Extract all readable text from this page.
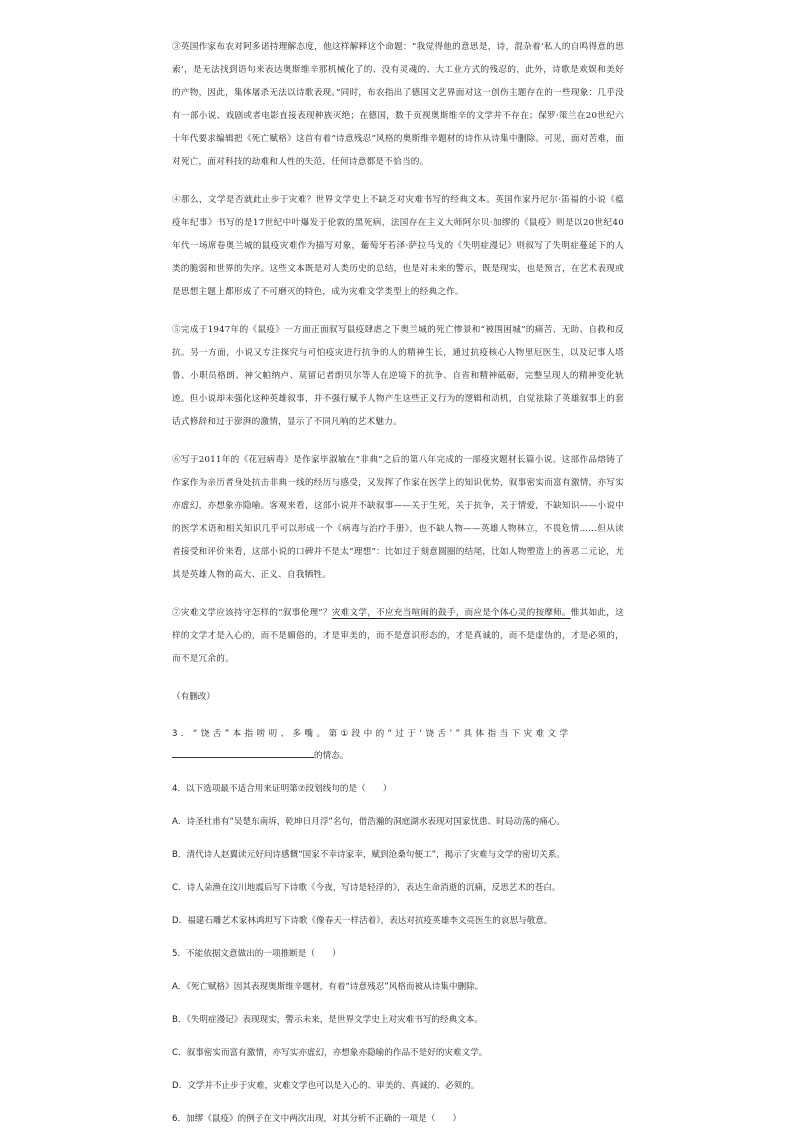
③英国作家布农对阿多诺持理解态度，他这样解释这个命题：“我觉得他的意思是，诗，混杂着‘私人的自鸣得意的思索’，是无法找到语句来表达奥斯维辛那机械化了的、没有灵魂的、大工业方式的残忍的，此外，诗歌是欢娱和美好的产物，因此，集体屠杀无法以诗歌表现。”同时，布农指出了德国文艺界面对这一创伤主题存在的一些现象：几乎没有一部小说、戏剧或者电影直接表现种族灭绝；在德国，数千页视奥斯维辛的文学并不存在；保罗·策兰在20世纪六十年代要求编辑把《死亡赋格》这首有着“诗意残忍”风格的奥斯维辛题材的诗作从诗集中删除。可见，面对苦难，面对死亡，面对科技的劫难和人性的失范，任何诗意都是不恰当的。

④那么，文学是否就此止步于灾难？世界文学史上不缺乏对灾难书写的经典文本。英国作家丹尼尔·笛福的小说《瘟疫年纪事》书写的是17世纪中叶爆发于伦敦的黑死病，法国存在主义大师阿尔贝·加缪的《鼠疫》则是以20世纪40年代一场席卷奥兰城的鼠疫灾难作为描写对象，葡萄牙若泽·萨拉马戈的《失明症漫记》则叙写了失明症蔓延下的人类的脆弱和世界的失序。这些文本既是对人类历史的总结，也是对未来的警示，既是现实，也是预言，在艺术表现或是思想主题上都形成了不可磨灭的特色，成为灾难文学类型上的经典之作。

⑤完成于1947年的《鼠疫》一方面正面叙写鼠疫肆虐之下奥兰城的死亡惨景和“被围困城”的痛苦、无助、自救和反抗。另一方面，小说又专注探究与可怕疫灾进行抗争的人的精神生长，通过抗疫核心人物里厄医生，以及记事人塔鲁、小职员格朗、神父帕纳卢、莫留记者朗贝尔等人在逆境下的抗争、自省和精神砥砺，完整呈现人的精神变化轨迹。但小说却未强化这种英雄叙事，并不强行赋予人物产生这些正义行为的逻辑和动机，自觉祛除了英雄叙事上的套话式修辞和过于澎湃的激情，显示了不同凡响的艺术魅力。

⑥写于2011年的《花冠病毒》是作家毕淑敏在“非典”之后的第八年完成的一部疫灾题材长篇小说。这部作品熔铸了作家作为亲历者身处抗击非典一线的经历与感受，又发挥了作家在医学上的知识优势，叙事密实而富有激情，亦写实亦虚幻，亦想象亦隐喻。客观来看，这部小说并不缺叙事——关于生死，关于抗争，关于情爱，不缺知识——小说中的医学术语和相关知识几乎可以形成一个《病毒与治疗手册》，也不缺人物——英雄人物林立，不畏危情……但从读者接受和评价来看，这部小说的口碑并不是太“理想”：比如过于刻意圆圈的结尾，比如人物塑造上的善恶二元论，尤其是英雄人物的高大、正义、自我牺牲。

⑦灾难文学应该持守怎样的“叙事伦理”？灾难文学，不应充当喧闹的鼓手，而应是个体心灵的按摩师。惟其如此，这样的文学才是入心的，而不是媚俗的，才是审美的，而不是意识形态的，才是真诚的，而不是虚伪的，才是必须的，而不是冗余的。

（有删改）

3．“饶舌”本指唠叨、多嘴。第①段中的“过于‘饶舌’”具体指当下灾难文学

的情态。

4．以下选项最不适合用来证明第⑦段划线句的是（　　）

A．诗圣杜甫有“吴楚东南坼，乾坤日月浮”名句，借浩瀚的洞庭湖水表现对国家忧患、时局动荡的痛心。

B．清代诗人赵翼读元好问诗感慨“国家不幸诗家幸，赋到沧桑句便工”，揭示了灾难与文学的密切关系。

C．诗人朵渔在汶川地震后写下诗歌《今夜，写诗是轻浮的》，表达生命消逝的沉痛，反思艺术的苍白。

D．福建石雕艺术家林鸿坦写下诗歌《像春天一样活着》，表达对抗疫英雄李文亮医生的哀思与敬意。

5．不能依据文意做出的一项推断是（　　）

A．《死亡赋格》因其表现奥斯维辛题材，有着“诗意残忍”风格而被从诗集中删除。

B．《失明症漫记》表现现实，警示未来，是世界文学史上对灾难书写的经典文本。

C．叙事密实而富有激情，亦写实亦虚幻，亦想象亦隐喻的作品不是好的灾难文学。

D．文学并不止步于灾难，灾难文学也可以是入心的、审美的、真诚的、必须的。

6．加缪《鼠疫》的例子在文中两次出现，对其分析不正确的一项是（　　）
